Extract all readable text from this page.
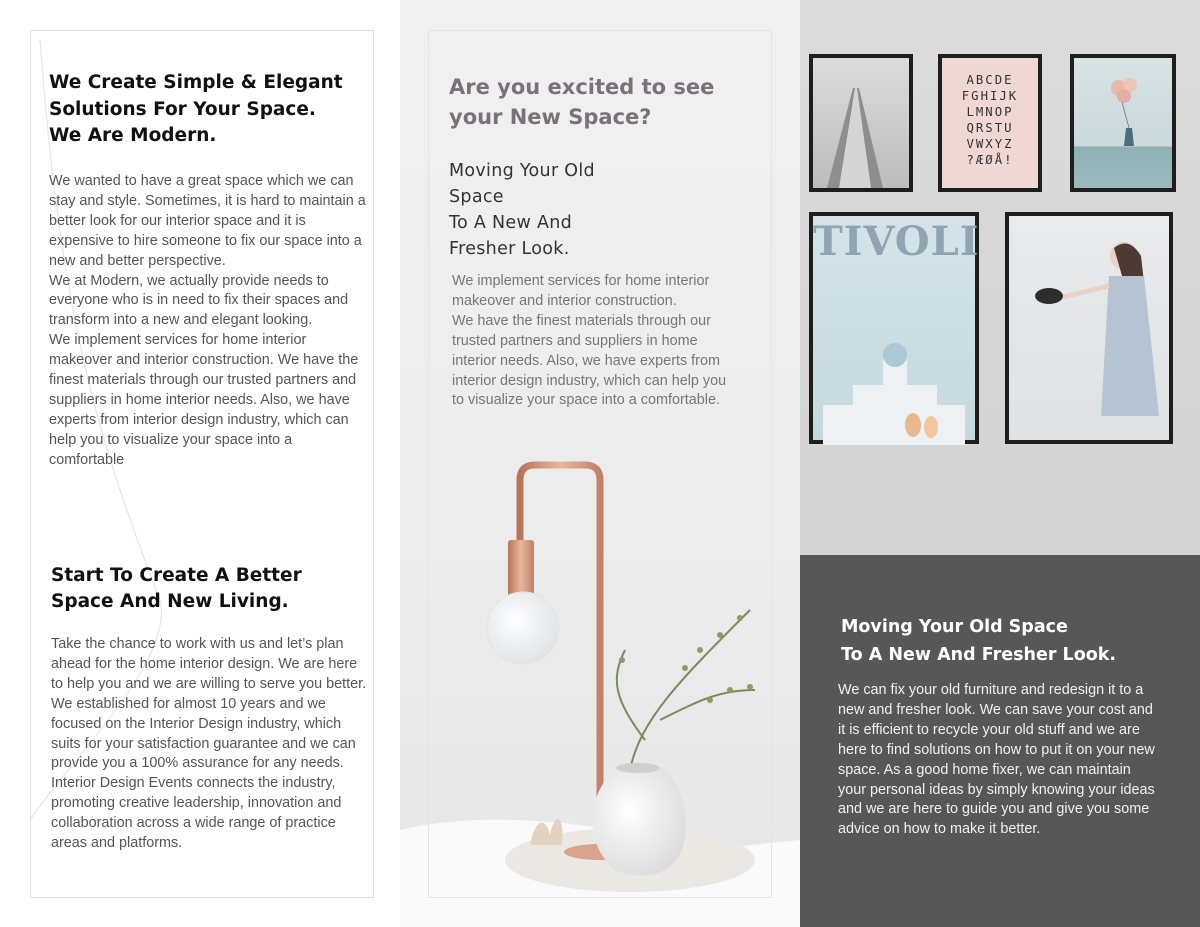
We Create Simple & Elegant
Solutions For Your Space.
We Are Modern.

We wanted to have a great space which we can stay and style. Sometimes, it is hard to maintain a better look for our interior space and it is expensive to hire someone to fix our space into a new and better perspective.

We at Modern, we actually provide needs to everyone who is in need to fix their spaces and transform into a new and elegant looking.

We implement services for home interior makeover and interior construction. We have the finest materials through our trusted partners and suppliers in home interior needs. Also, we have experts from interior design industry, which can help you to visualize your space into a comfortable

Start To Create A Better
Space And New Living.

Take the chance to work with us and let’s plan ahead for the home interior design. We are here to help you and we are willing to serve you better. We established for almost 10 years and we focused on the Interior Design industry, which suits for your satisfaction guarantee and we can provide you a 100% assurance for any needs. Interior Design Events connects the industry, promoting creative leadership, innovation and collaboration across a wide range of practice areas and platforms.

Are you excited to see
your New Space?
Moving Your Old
Space
To A New And
Fresher Look.

We implement services for home interior makeover and interior construction.

We have the finest materials through our trusted partners and suppliers in home interior needs. Also, we have experts from interior design industry, which can help you to visualize your space into a comfortable.

ABCDE
FGHIJK
LMNOP
QRSTU
VWXYZ
?ÆØÅ!
TIVOLI
Moving Your Old Space
To A New And Fresher Look.

We can fix your old furniture and redesign it to a new and fresher look. We can save your cost and it is efficient to recycle your old stuff and we are here to find solutions on how to put it on your new space. As a good home fixer, we can maintain your personal ideas by simply knowing your ideas and we are here to guide you and give you some advice on how to make it better.
